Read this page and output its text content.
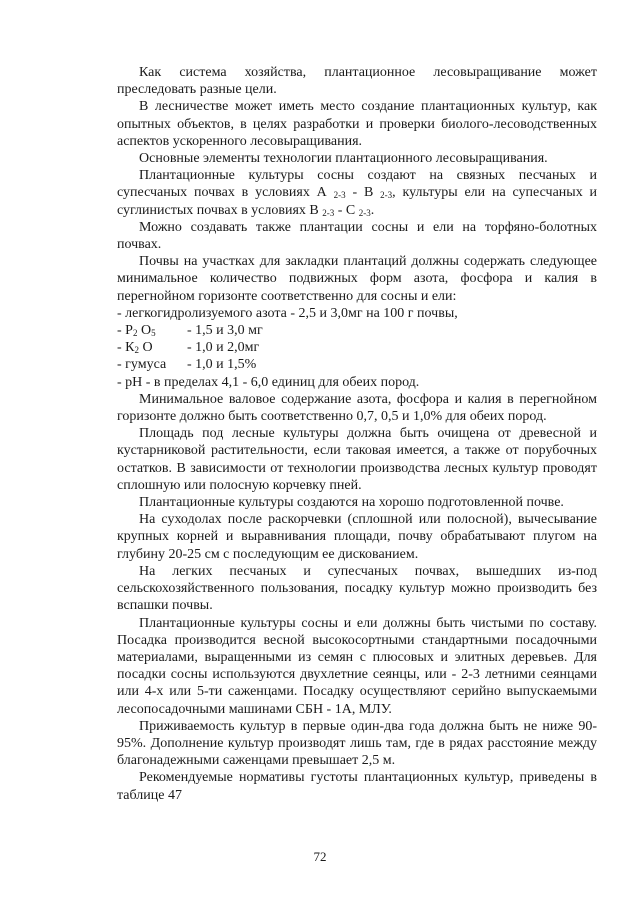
Как система хозяйства, плантационное лесовыращивание может преследовать разные цели.

В лесничестве может иметь место создание плантационных культур, как опытных объектов, в целях разработки и проверки биолого-лесоводственных аспектов ускоренного лесовыращивания.

Основные элементы технологии плантационного лесовыращивания.

Плантационные культуры сосны создают на связных песчаных и супесчаных почвах в условиях А $_{2-3}$ - В $_{2-3}$, культуры ели на супесчаных и суглинистых почвах в условиях В $_{2-3}$ - С $_{2-3}$.

Можно создавать также плантации сосны и ели на торфяно-болотных почвах.

Почвы на участках для закладки плантаций должны содержать следующее минимальное количество подвижных форм азота, фосфора и калия в перегнойном горизонте соответственно для сосны и ели:

- легкогидролизуемого азота - 2,5 и 3,0мг на 100 г почвы,

- $Р_2$ $О_5$	- 1,5 и 3,0 мг
- $К_2$ О	- 1,0 и 2,0мг
- гумуса	- 1,0 и 1,5%

- рН - в пределах 4,1 - 6,0 единиц для обеих пород.

Минимальное валовое содержание азота, фосфора и калия в перегнойном горизонте должно быть соответственно 0,7, 0,5 и 1,0% для обеих пород.

Площадь под лесные культуры должна быть очищена от древесной и кустарниковой растительности, если таковая имеется, а также от порубочных остатков. В зависимости от технологии производства лесных культур проводят сплошную или полосную корчевку пней.

Плантационные культуры создаются на хорошо подготовленной почве.

На суходолах после раскорчевки (сплошной или полосной), вычесывание крупных корней и выравнивания площади, почву обрабатывают плугом на глубину 20-25 см с последующим ее дискованием.

На легких песчаных и супесчаных почвах, вышедших из-под сельскохозяйственного пользования, посадку культур можно производить без вспашки почвы.

Плантационные культуры сосны и ели должны быть чистыми по составу. Посадка производится весной высокосортными стандартными посадочными материалами, выращенными из семян с плюсовых и элитных деревьев. Для посадки сосны используются двухлетние сеянцы, или - 2-3 летними сеянцами или 4-х или 5-ти саженцами. Посадку осуществляют серийно выпускаемыми лесопосадочными машинами СБН - 1А, МЛУ.

Приживаемость культур в первые один-два года должна быть не ниже 90-95%. Дополнение культур производят лишь там, где в рядах расстояние между благонадежными саженцами превышает 2,5 м.

Рекомендуемые нормативы густоты плантационных культур, приведены в таблице 47

72
